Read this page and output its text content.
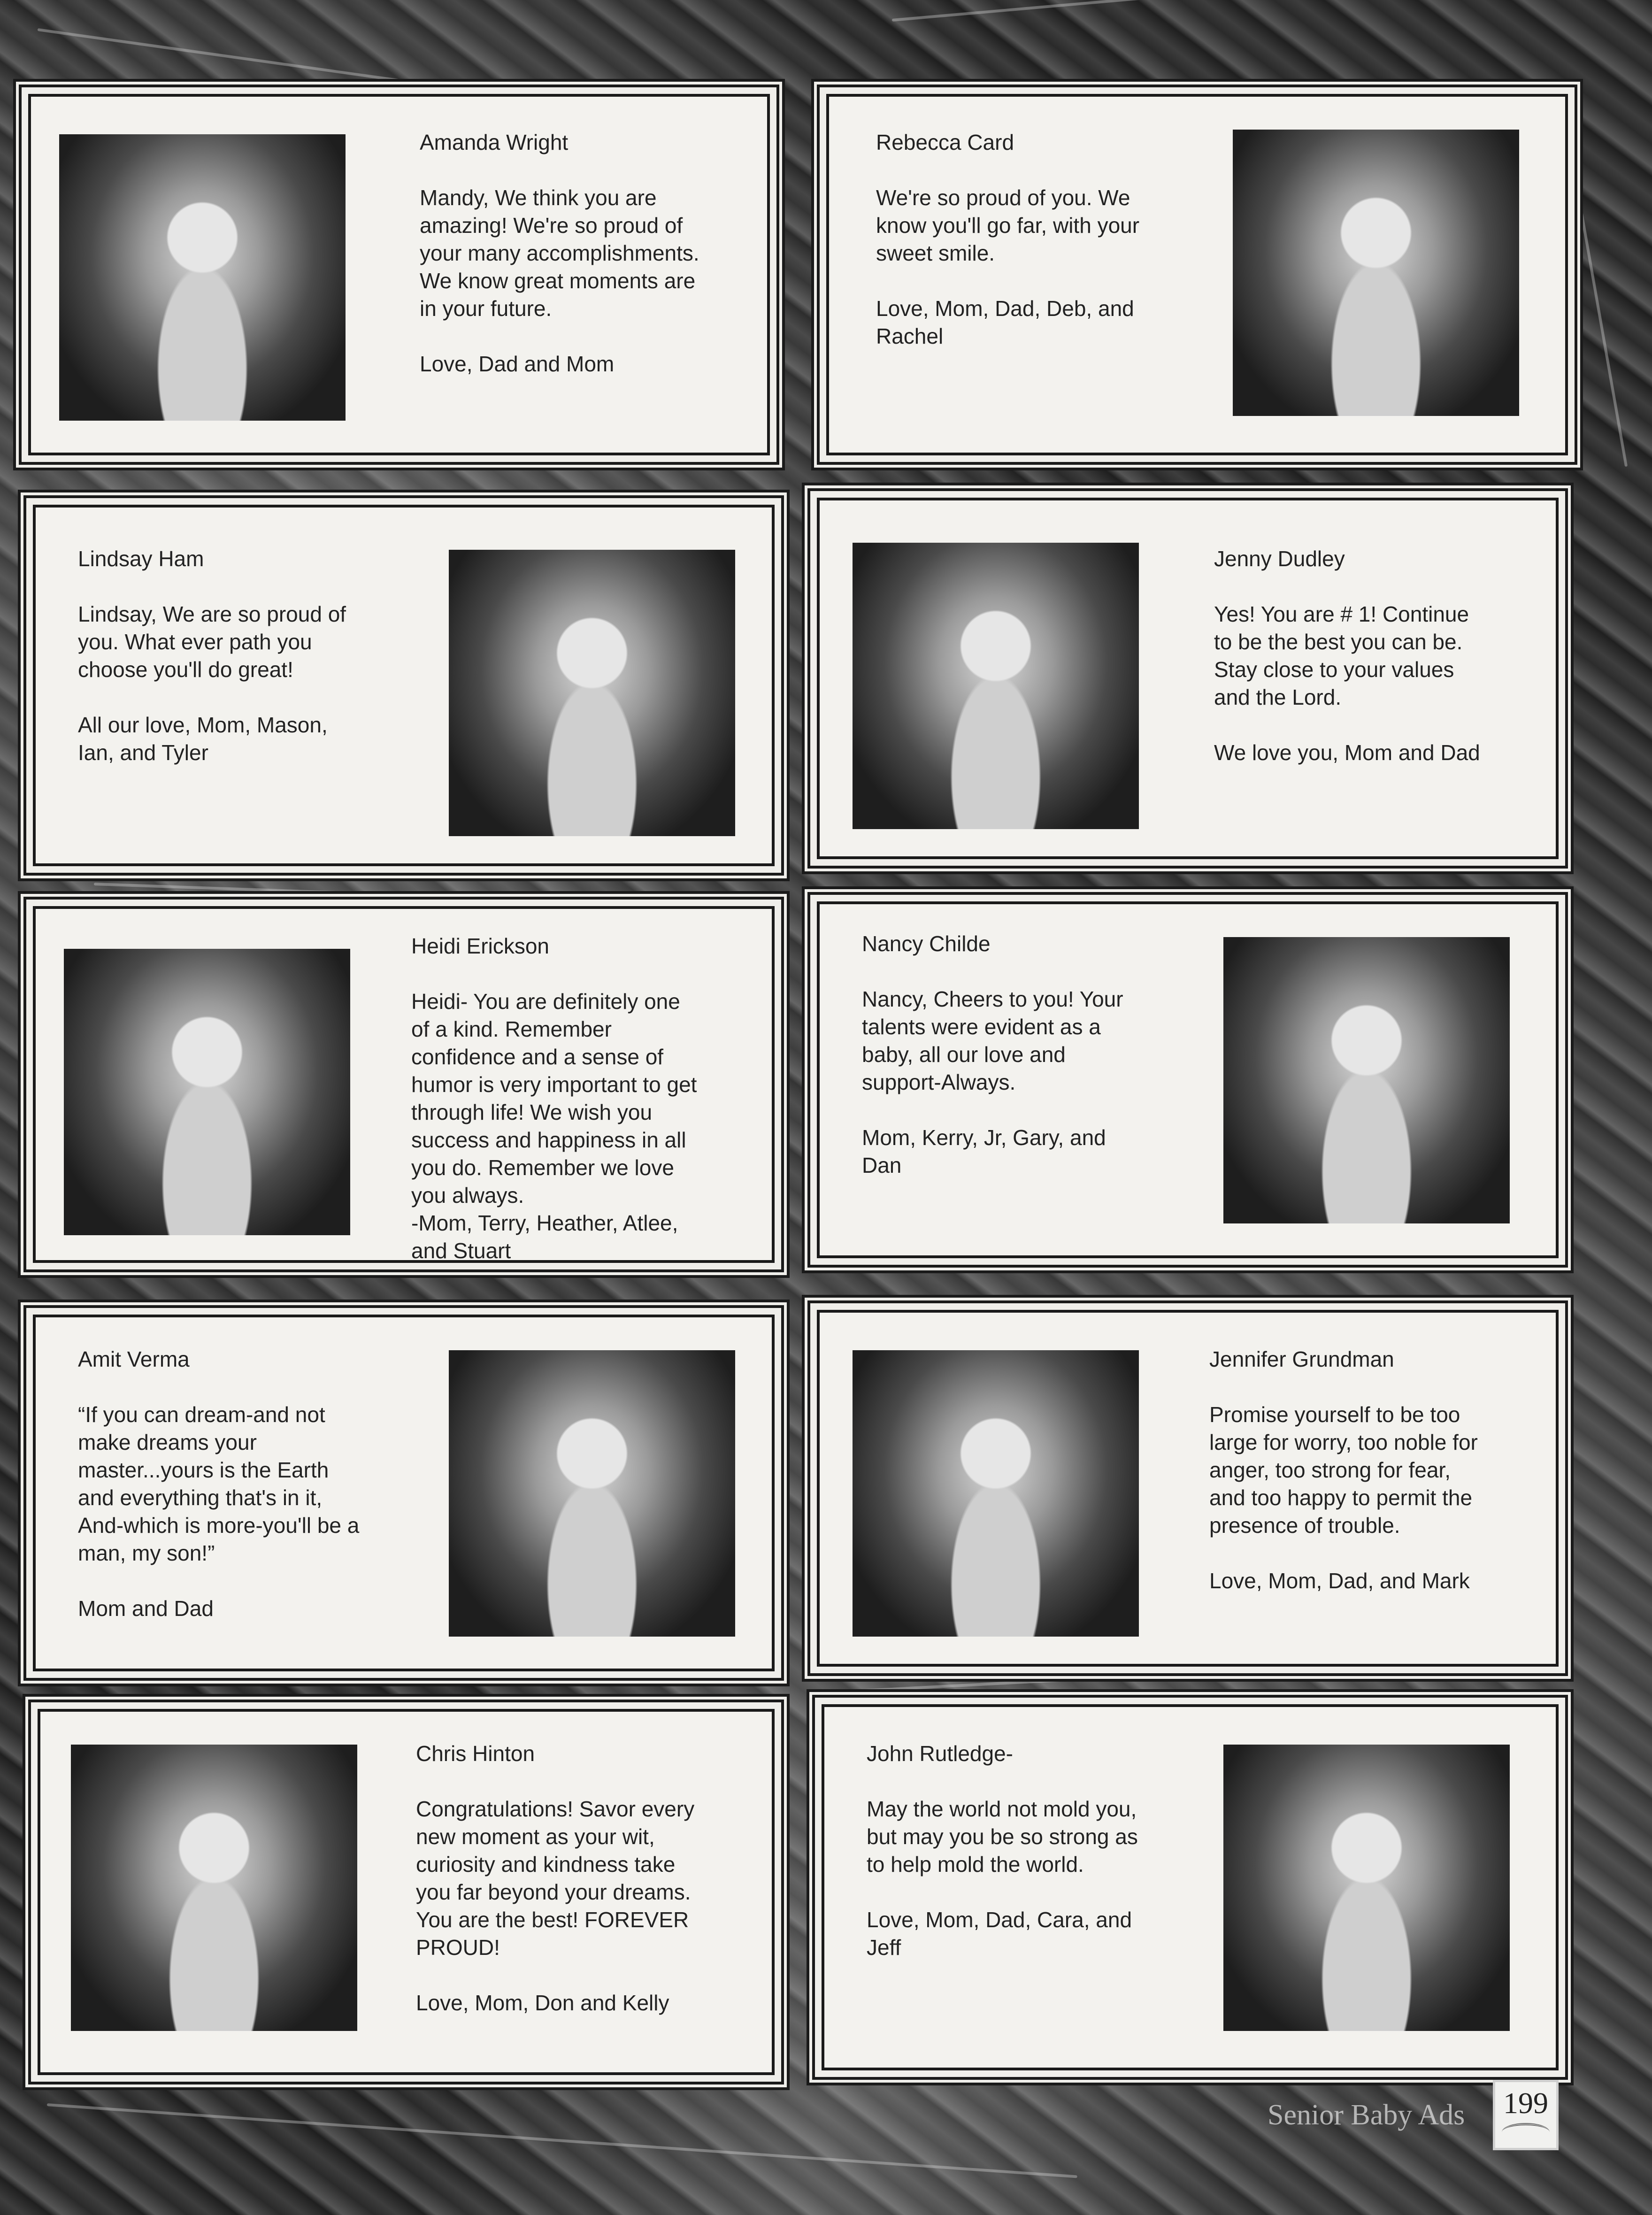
Amanda Wright

Mandy, We think you are
amazing! We're so proud of
your many accomplishments.
We know great moments are
in your future.

Love, Dad and Mom

Rebecca Card

We're so proud of you. We
know you'll go far, with your
sweet smile.

Love, Mom, Dad, Deb, and
Rachel

Lindsay Ham

Lindsay, We are so proud of
you. What ever path you
choose you'll do great!

All our love, Mom, Mason,
Ian, and Tyler

Jenny Dudley

Yes! You are # 1! Continue
to be the best you can be.
Stay close to your values
and the Lord.

We love you, Mom and Dad

Heidi Erickson

Heidi- You are definitely one
of a kind. Remember
confidence and a sense of
humor is very important to get
through life! We wish you
success and happiness in all
you do. Remember we love
you always.
-Mom, Terry, Heather, Atlee,
and Stuart

Nancy Childe

Nancy, Cheers to you! Your
talents were evident as a
baby, all our love and
support-Always.

Mom, Kerry, Jr, Gary, and
Dan

Amit Verma

“If you can dream-and not
make dreams your
master...yours is the Earth
and everything that's in it,
And-which is more-you'll be a
man, my son!”

Mom and Dad

Jennifer Grundman

Promise yourself to be too
large for worry, too noble for
anger, too strong for fear,
and too happy to permit the
presence of trouble.

Love, Mom, Dad, and Mark

Chris Hinton

Congratulations! Savor every
new moment as your wit,
curiosity and kindness take
you far beyond your dreams.
You are the best! FOREVER
PROUD!

Love, Mom, Don and Kelly

John Rutledge-

May the world not mold you,
but may you be so strong as
to help mold the world.

Love, Mom, Dad, Cara, and
Jeff

Senior Baby Ads	199
